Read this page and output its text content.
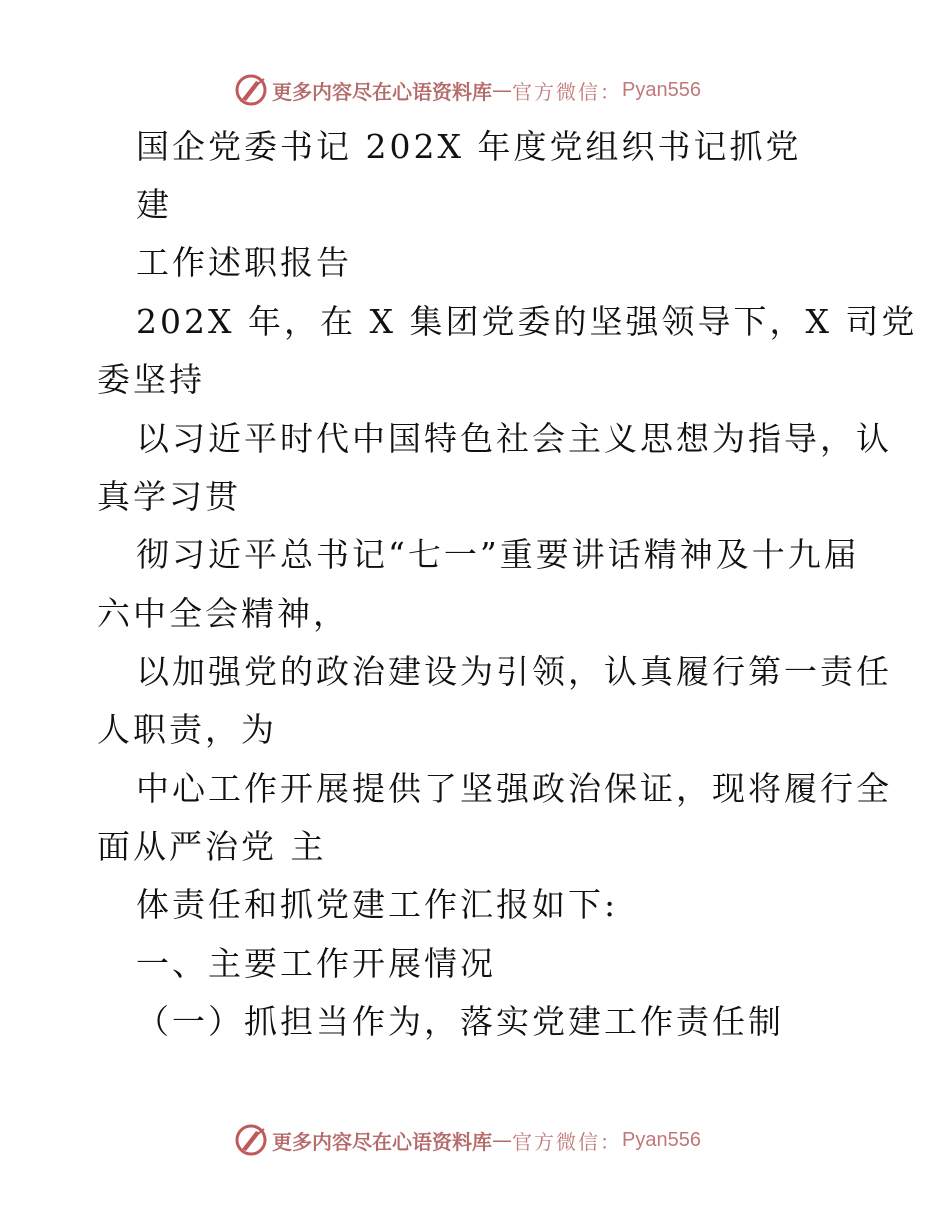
更多内容尽在心语资料库 — 官方微信： Pyan556
国企党委书记 202X 年度党组织书记抓党
建
工作述职报告
202X 年，在 X 集团党委的坚强领导下，X 司党
委坚持
以习近平时代中国特色社会主义思想为指导，认
真学习贯
彻习近平总书记“七一”重要讲话精神及十九届
六中全会精神，
以加强党的政治建设为引领，认真履行第一责任
人职责，为
中心工作开展提供了坚强政治保证，现将履行全
面从严治党 主
体责任和抓党建工作汇报如下:
一、主要工作开展情况
（一）抓担当作为，落实党建工作责任制
更多内容尽在心语资料库 — 官方微信： Pyan556
